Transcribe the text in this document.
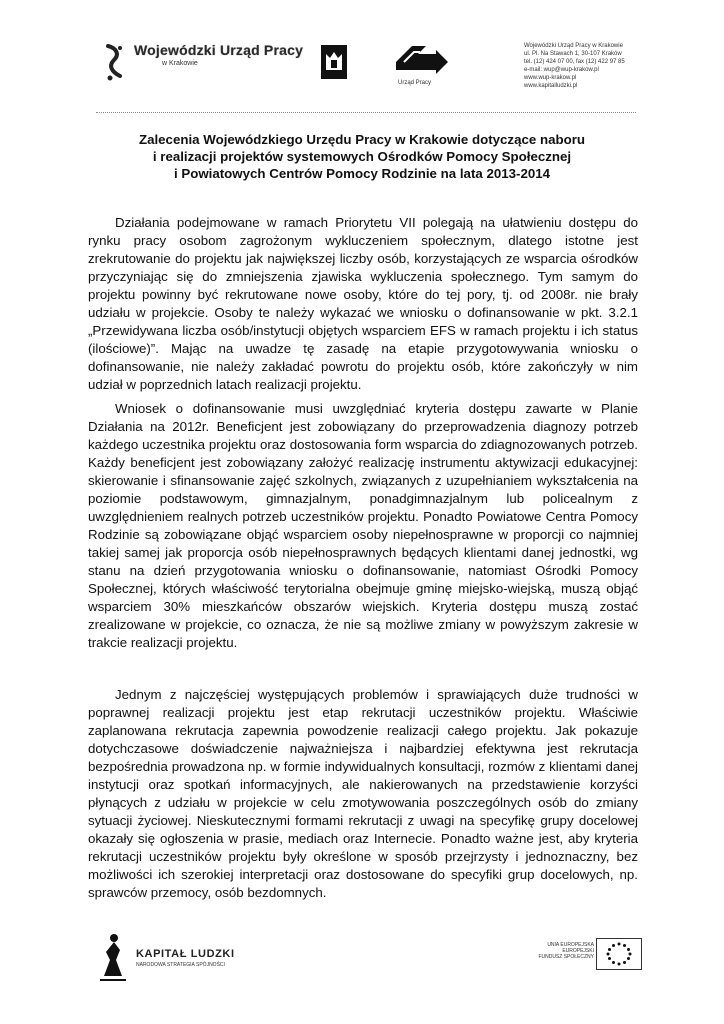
Wojewódzki Urząd Pracy
w Krakowie
Urząd Pracy
Wojewódzki Urząd Pracy w Krakowie
ul. Pl. Na Stawach 1, 30-107 Kraków
tel. (12) 424 07 00, fax (12) 422 97 85
e-mail: wup@wup-krakow.pl
www.wup-krakow.pl
www.kapitalludzki.pl
Zalecenia Wojewódzkiego Urzędu Pracy w Krakowie dotyczące naboru
i realizacji projektów systemowych Ośrodków Pomocy Społecznej
i Powiatowych Centrów Pomocy Rodzinie na lata 2013-2014

Działania podejmowane w ramach Priorytetu VII polegają na ułatwieniu dostępu do rynku pracy osobom zagrożonym wykluczeniem społecznym, dlatego istotne jest zrekrutowanie do projektu jak największej liczby osób, korzystających ze wsparcia ośrodków przyczyniając się do zmniejszenia zjawiska wykluczenia społecznego. Tym samym do projektu powinny być rekrutowane nowe osoby, które do tej pory, tj. od 2008r. nie brały udziału w projekcie. Osoby te należy wykazać we wniosku o dofinansowanie w pkt. 3.2.1 „Przewidywana liczba osób/instytucji objętych wsparciem EFS w ramach projektu i ich status (ilościowe)”. Mając na uwadze tę zasadę na etapie przygotowywania wniosku o dofinansowanie, nie należy zakładać powrotu do projektu osób, które zakończyły w nim udział w poprzednich latach realizacji projektu.

Wniosek o dofinansowanie musi uwzględniać kryteria dostępu zawarte w Planie Działania na 2012r. Beneficjent jest zobowiązany do przeprowadzenia diagnozy potrzeb każdego uczestnika projektu oraz dostosowania form wsparcia do zdiagnozowanych potrzeb. Każdy beneficjent jest zobowiązany założyć realizację instrumentu aktywizacji edukacyjnej: skierowanie i sfinansowanie zajęć szkolnych, związanych z uzupełnianiem wykształcenia na poziomie podstawowym, gimnazjalnym, ponadgimnazjalnym lub policealnym z uwzględnieniem realnych potrzeb uczestników projektu. Ponadto Powiatowe Centra Pomocy Rodzinie są zobowiązane objąć wsparciem osoby niepełnosprawne w proporcji co najmniej takiej samej jak proporcja osób niepełnosprawnych będących klientami danej jednostki, wg stanu na dzień przygotowania wniosku o dofinansowanie, natomiast Ośrodki Pomocy Społecznej, których właściwość terytorialna obejmuje gminę miejsko-wiejską, muszą objąć wsparciem 30% mieszkańców obszarów wiejskich. Kryteria dostępu muszą zostać zrealizowane w projekcie, co oznacza, że nie są możliwe zmiany w powyższym zakresie w trakcie realizacji projektu.

Jednym z najczęściej występujących problemów i sprawiających duże trudności w poprawnej realizacji projektu jest etap rekrutacji uczestników projektu. Właściwie zaplanowana rekrutacja zapewnia powodzenie realizacji całego projektu. Jak pokazuje dotychczasowe doświadczenie najważniejsza i najbardziej efektywna jest rekrutacja bezpośrednia prowadzona np. w formie indywidualnych konsultacji, rozmów z klientami danej instytucji oraz spotkań informacyjnych, ale nakierowanych na przedstawienie korzyści płynących z udziału w projekcie w celu zmotywowania poszczególnych osób do zmiany sytuacji życiowej. Nieskutecznymi formami rekrutacji z uwagi na specyfikę grupy docelowej okazały się ogłoszenia w prasie, mediach oraz Internecie. Ponadto ważne jest, aby kryteria rekrutacji uczestników projektu były określone w sposób przejrzysty i jednoznaczny, bez możliwości ich szerokiej interpretacji oraz dostosowane do specyfiki grup docelowych, np. sprawców przemocy, osób bezdomnych.

KAPITAŁ LUDZKI
NARODOWA STRATEGIA SPÓJNOŚCI
UNIA EUROPEJSKA
EUROPEJSKI
FUNDUSZ SPOŁECZNY
